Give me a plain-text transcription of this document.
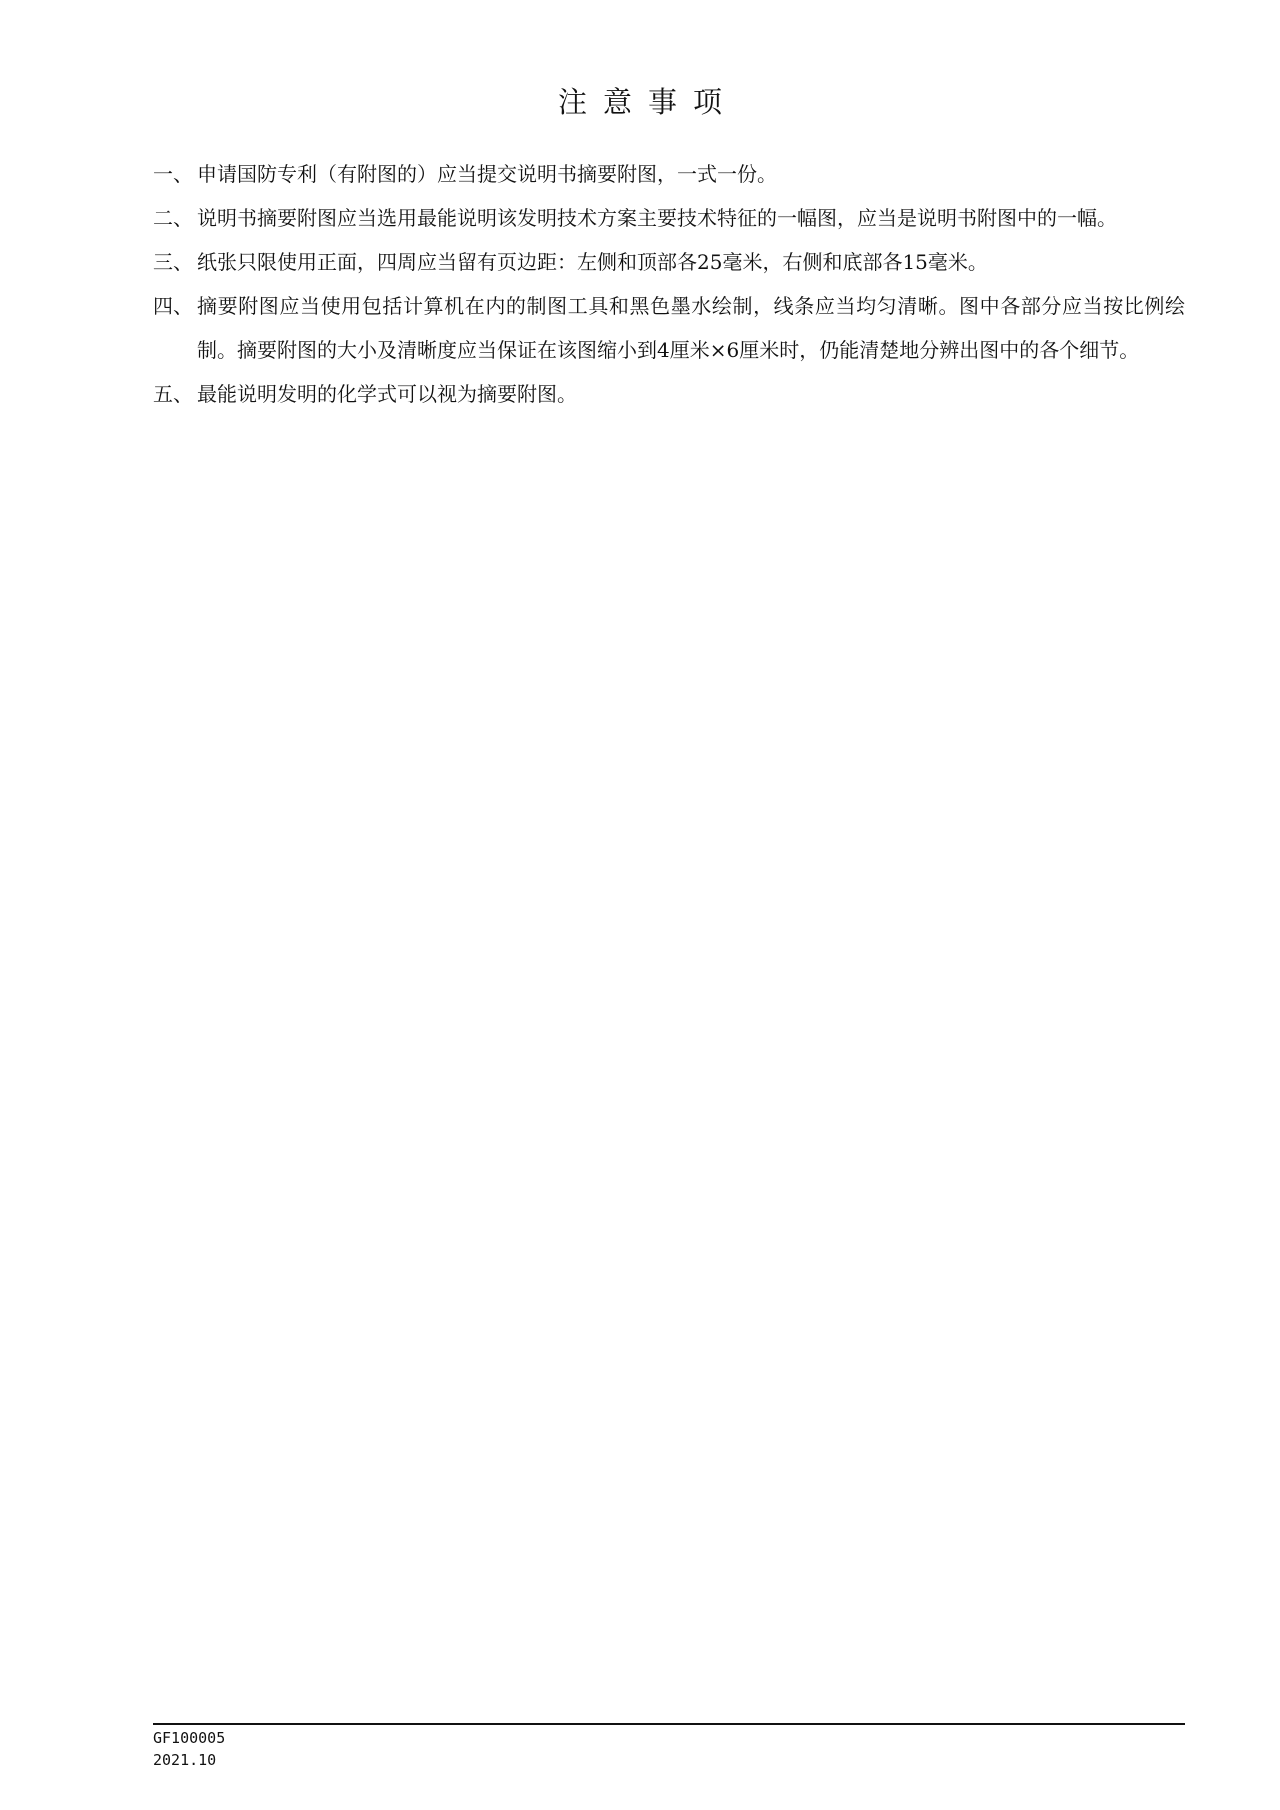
注意事项
一、 申请国防专利（有附图的）应当提交说明书摘要附图，一式一份。
二、 说明书摘要附图应当选用最能说明该发明技术方案主要技术特征的一幅图，应当是说明书附图中的一幅。
三、 纸张只限使用正面，四周应当留有页边距：左侧和顶部各25毫米，右侧和底部各15毫米。
四、 摘要附图应当使用包括计算机在内的制图工具和黑色墨水绘制，线条应当均匀清晰。图中各部分应当按比例绘制。摘要附图的大小及清晰度应当保证在该图缩小到4厘米×6厘米时，仍能清楚地分辨出图中的各个细节。
五、 最能说明发明的化学式可以视为摘要附图。
GF100005
2021.10
